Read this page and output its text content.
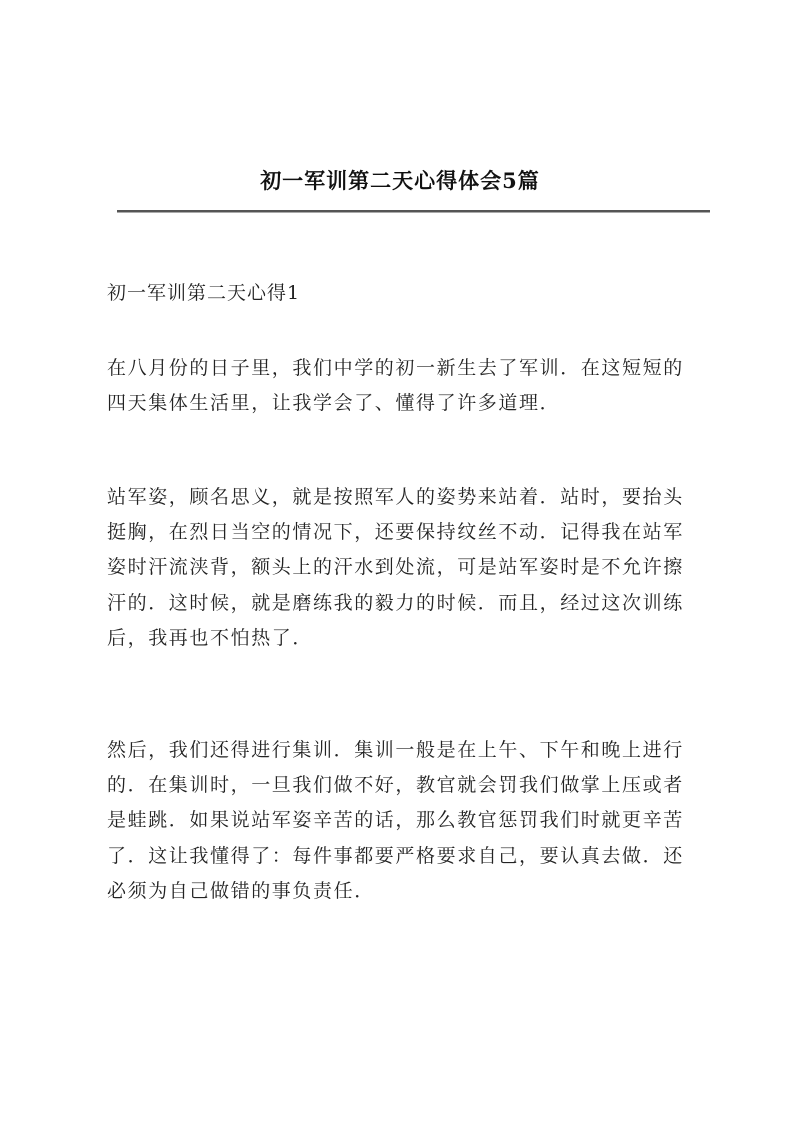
初一军训第二天心得体会5篇
初一军训第二天心得1

在八月份的日子里，我们中学的初一新生去了军训．在这短短的
四天集体生活里，让我学会了、懂得了许多道理．

站军姿，顾名思义，就是按照军人的姿势来站着．站时，要抬头
挺胸，在烈日当空的情况下，还要保持纹丝不动．记得我在站军
姿时汗流浃背，额头上的汗水到处流，可是站军姿时是不允许擦
汗的．这时候，就是磨练我的毅力的时候．而且，经过这次训练
后，我再也不怕热了．

然后，我们还得进行集训．集训一般是在上午、下午和晚上进行
的．在集训时，一旦我们做不好，教官就会罚我们做掌上压或者
是蛙跳．如果说站军姿辛苦的话，那么教官惩罚我们时就更辛苦
了．这让我懂得了：每件事都要严格要求自己，要认真去做．还
必须为自己做错的事负责任．
